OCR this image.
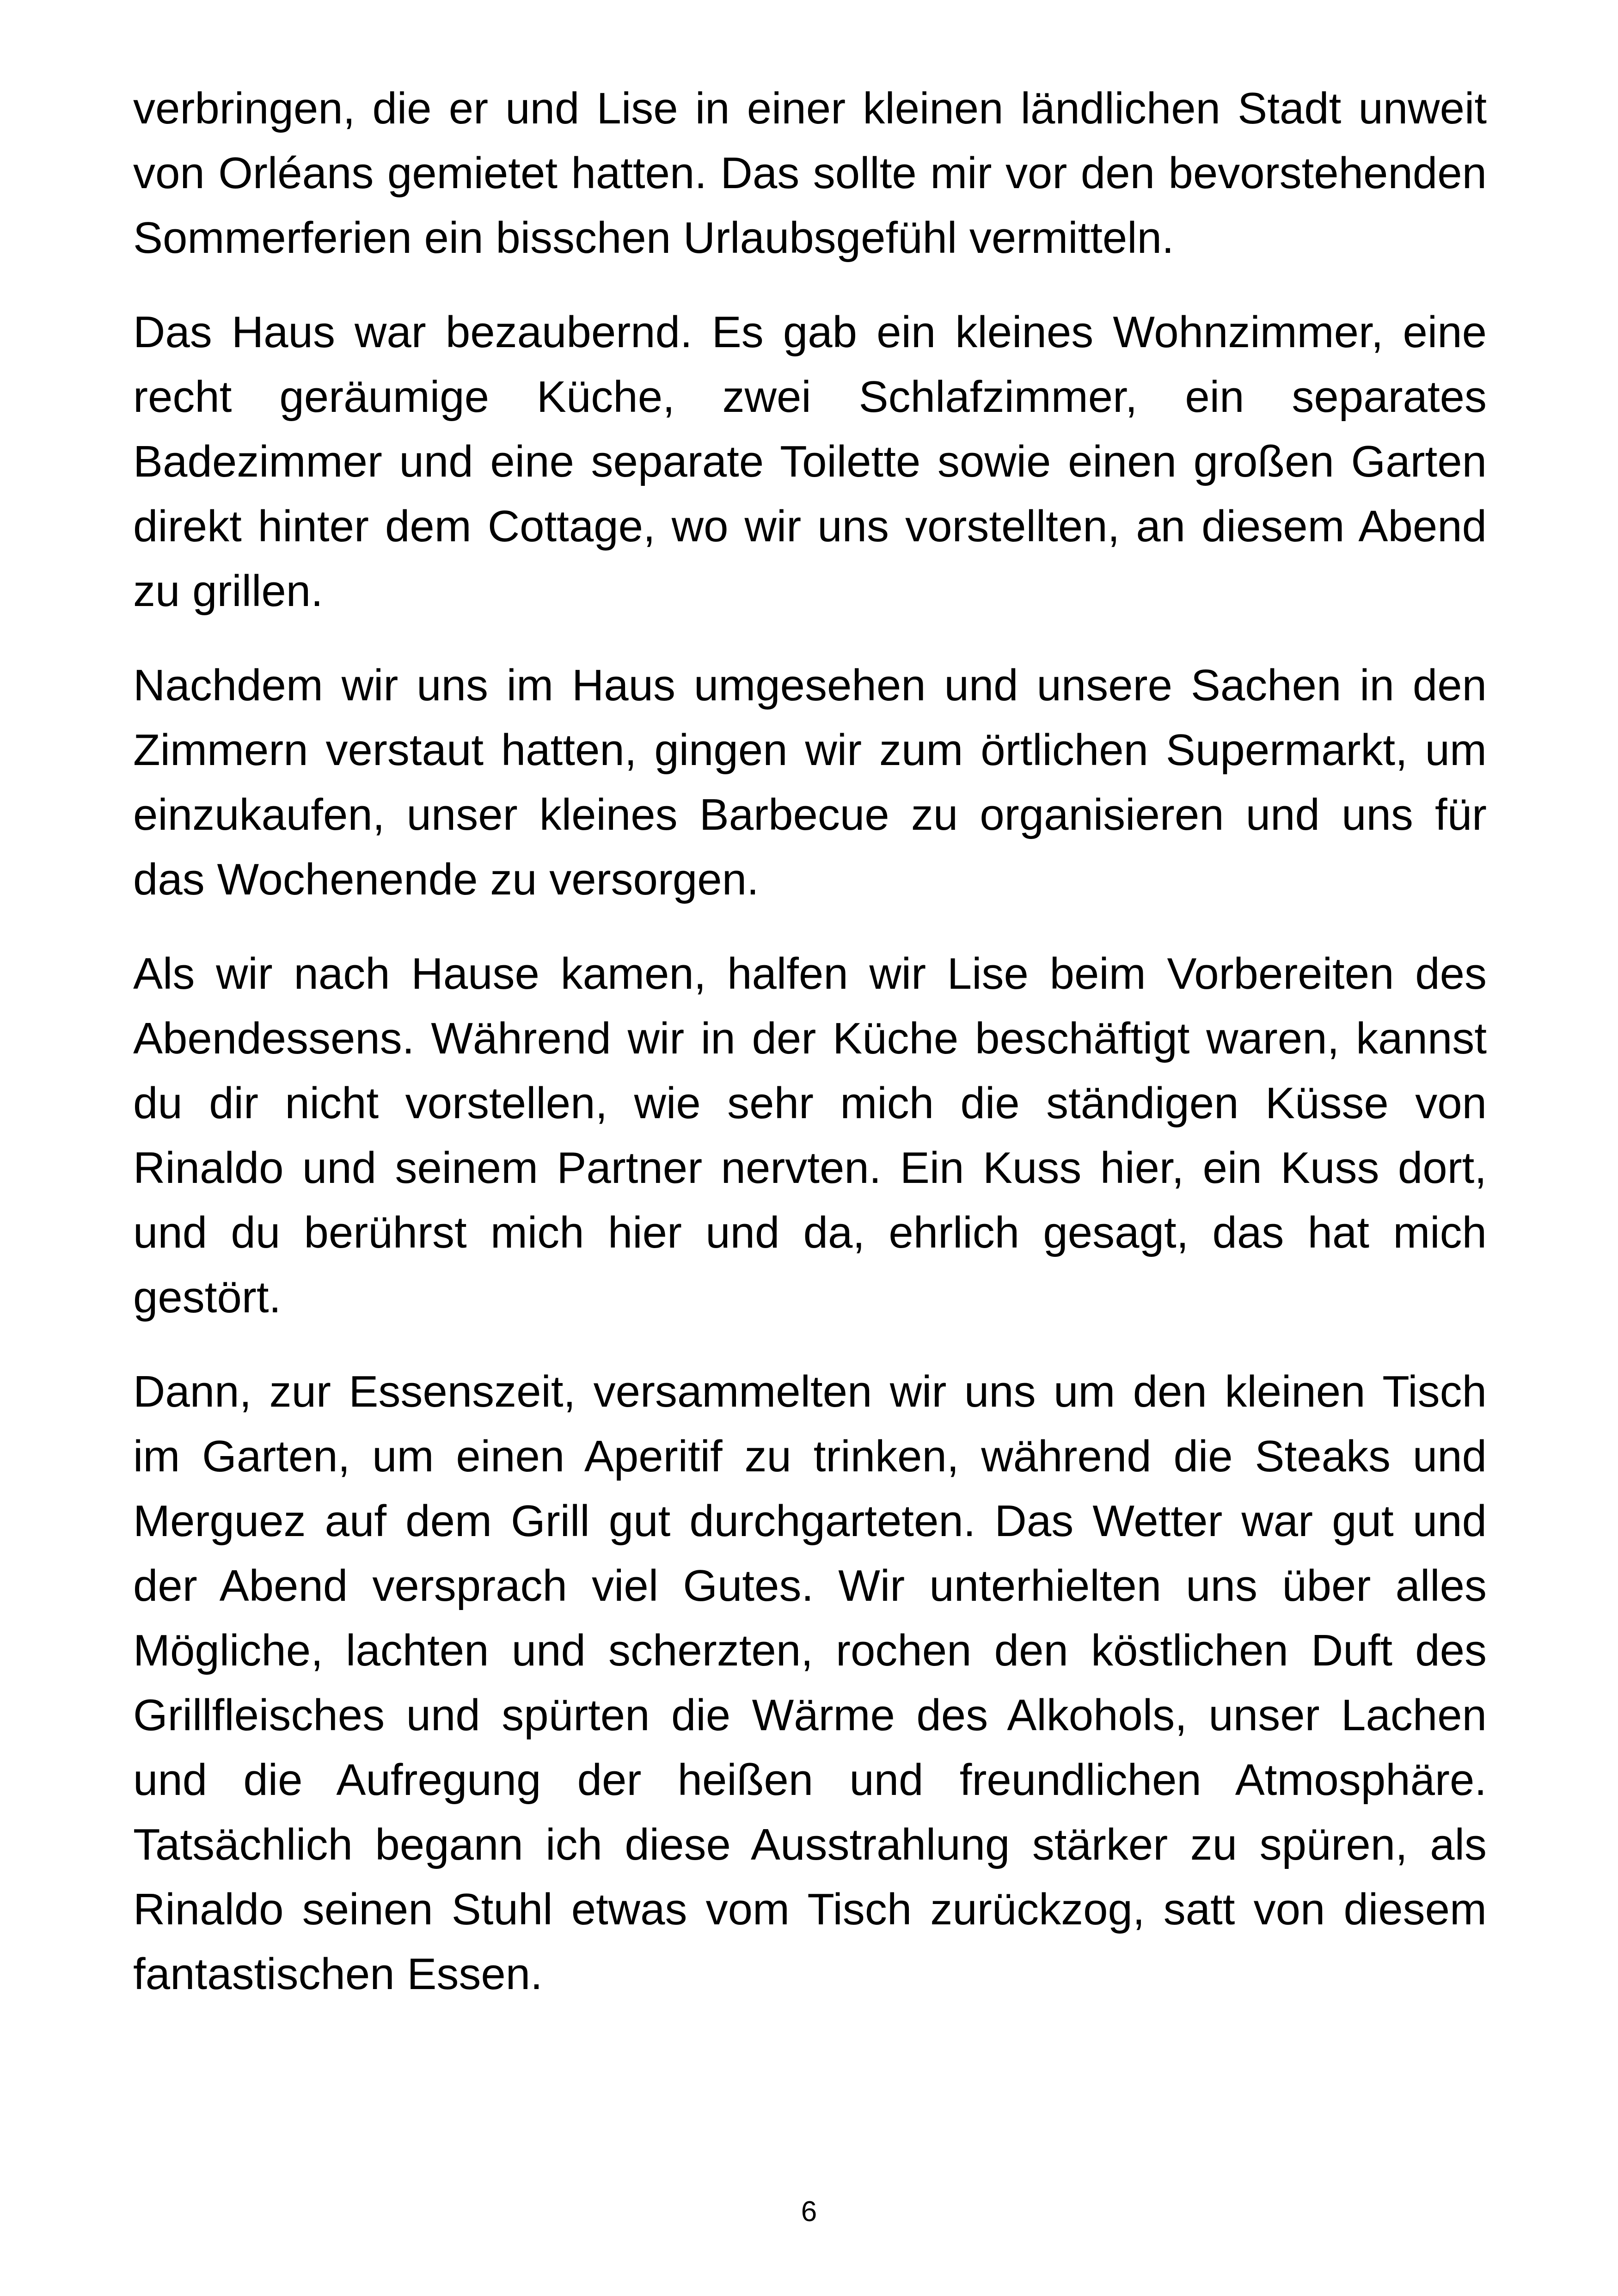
verbringen, die er und Lise in einer kleinen ländlichen Stadt unweit von Orléans gemietet hatten. Das sollte mir vor den bevorstehenden Sommerferien ein bisschen Urlaubsgefühl vermitteln.

Das Haus war bezaubernd. Es gab ein kleines Wohnzimmer, eine recht geräumige Küche, zwei Schlafzimmer, ein separates Badezimmer und eine separate Toilette sowie einen großen Garten direkt hinter dem Cottage, wo wir uns vorstellten, an diesem Abend zu grillen.

Nachdem wir uns im Haus umgesehen und unsere Sachen in den Zimmern verstaut hatten, gingen wir zum örtlichen Supermarkt, um einzukaufen, unser kleines Barbecue zu organisieren und uns für das Wochenende zu versorgen.

Als wir nach Hause kamen, halfen wir Lise beim Vorbereiten des Abendessens. Während wir in der Küche beschäftigt waren, kannst du dir nicht vorstellen, wie sehr mich die ständigen Küsse von Rinaldo und seinem Partner nervten. Ein Kuss hier, ein Kuss dort, und du berührst mich hier und da, ehrlich gesagt, das hat mich gestört.

Dann, zur Essenszeit, versammelten wir uns um den kleinen Tisch im Garten, um einen Aperitif zu trinken, während die Steaks und Merguez auf dem Grill gut durchgarteten. Das Wetter war gut und der Abend versprach viel Gutes. Wir unterhielten uns über alles Mögliche, lachten und scherzten, rochen den köstlichen Duft des Grillfleisches und spürten die Wärme des Alkohols, unser Lachen und die Aufregung der heißen und freundlichen Atmosphäre. Tatsächlich begann ich diese Ausstrahlung stärker zu spüren, als Rinaldo seinen Stuhl etwas vom Tisch zurückzog, satt von diesem fantastischen Essen.

6
